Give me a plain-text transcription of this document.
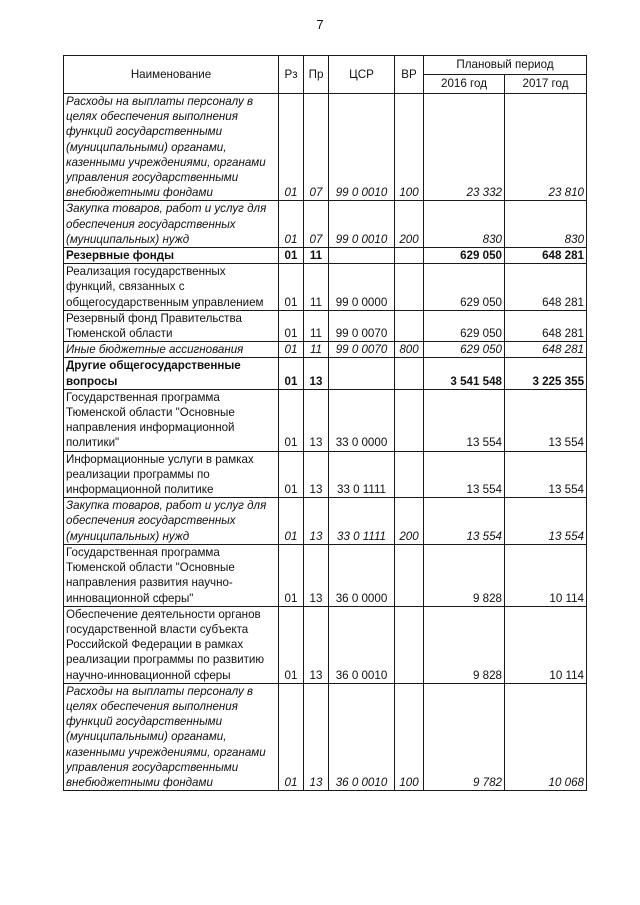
7
Наименование	Рз	Пр	ЦСР	ВР	Плановый период	
					2016 год	2017 год
Расходы на выплаты персоналу в целях обеспечения выполнения функций государственными (муниципальными) органами, казенными учреждениями, органами управления государственными внебюджетными фондами	01	07	99 0 0010	100	23 332	23 810
Закупка товаров, работ и услуг для обеспечения государственных (муниципальных) нужд	01	07	99 0 0010	200	830	830
Резервные фонды	01	11			629 050	648 281
Реализация государственных функций, связанных с общегосударственным управлением	01	11	99 0 0000		629 050	648 281
Резервный фонд Правительства Тюменской области	01	11	99 0 0070		629 050	648 281
Иные бюджетные ассигнования	01	11	99 0 0070	800	629 050	648 281
Другие общегосударственные вопросы	01	13			3 541 548	3 225 355
Государственная программа Тюменской области "Основные направления информационной политики"	01	13	33 0 0000		13 554	13 554
Информационные услуги в рамках реализации программы по информационной политике	01	13	33 0 1111		13 554	13 554
Закупка товаров, работ и услуг для обеспечения государственных (муниципальных) нужд	01	13	33 0 1111	200	13 554	13 554
Государственная программа Тюменской области "Основные направления развития научно-инновационной сферы"	01	13	36 0 0000		9 828	10 114
Обеспечение деятельности органов государственной власти субъекта Российской Федерации в рамках реализации программы по развитию научно-инновационной сферы	01	13	36 0 0010		9 828	10 114
Расходы на выплаты персоналу в целях обеспечения выполнения функций государственными (муниципальными) органами, казенными учреждениями, органами управления государственными внебюджетными фондами	01	13	36 0 0010	100	9 782	10 068
